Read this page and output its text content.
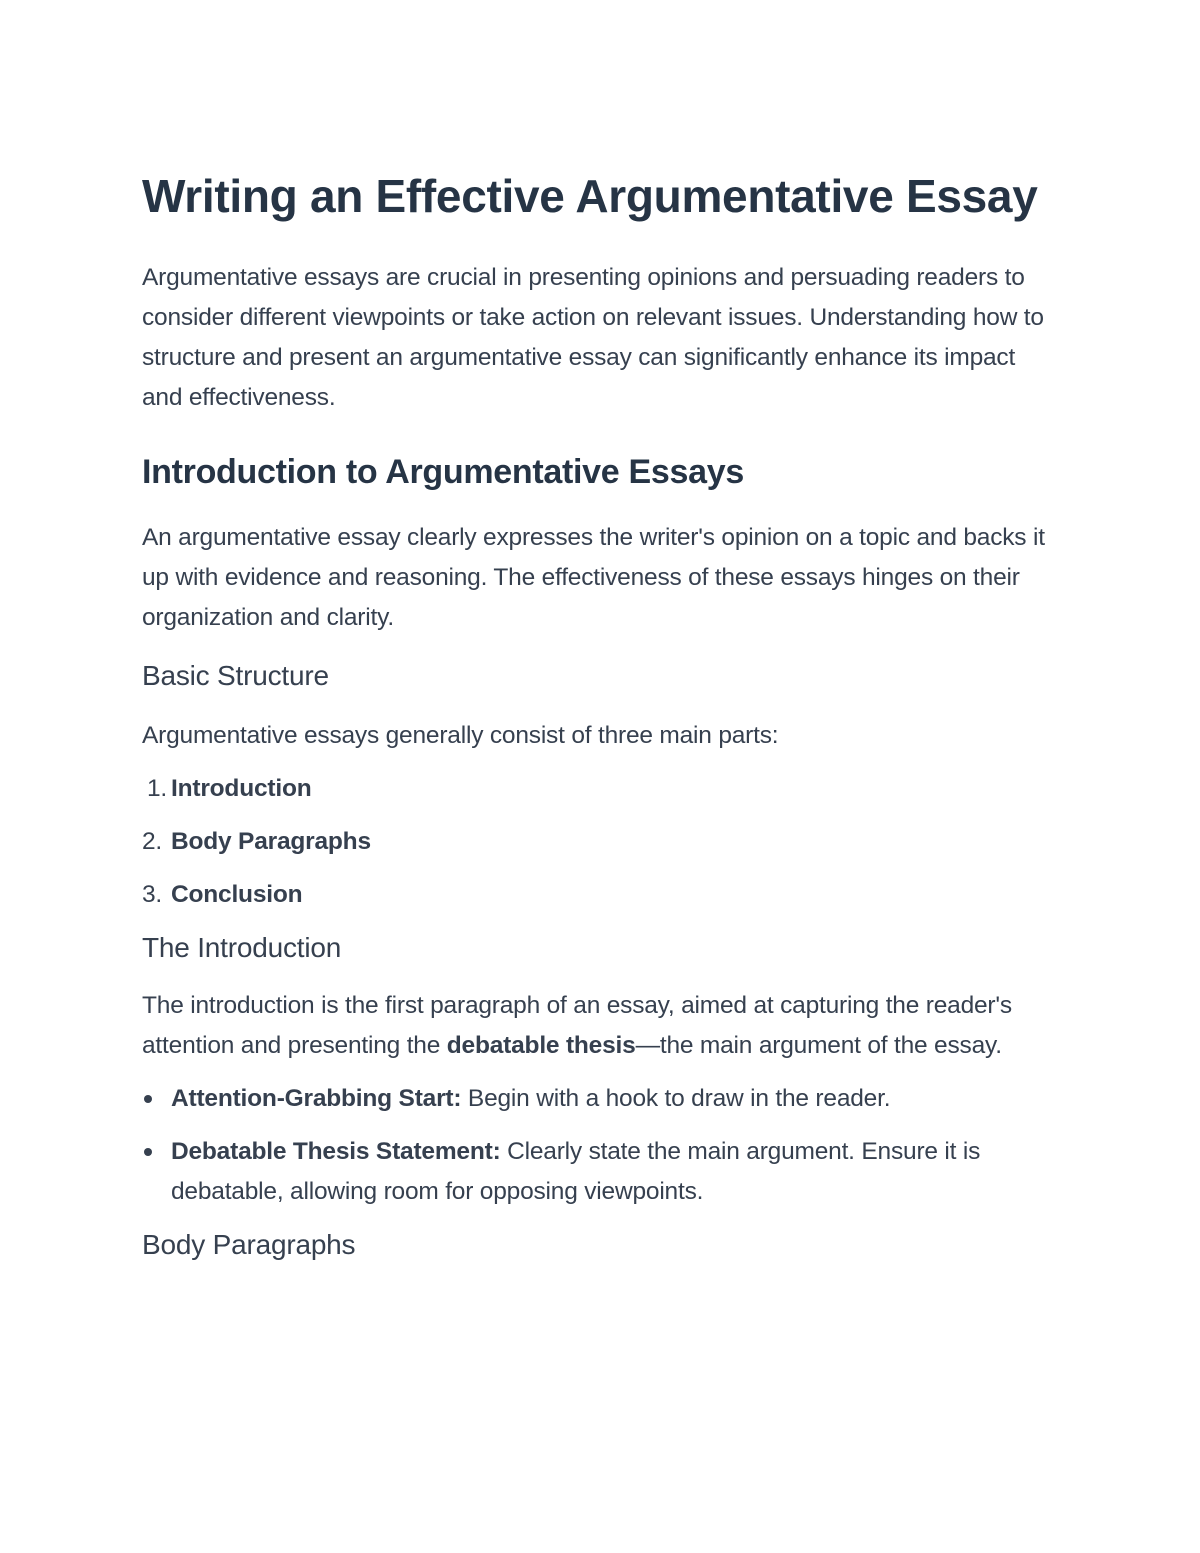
Writing an Effective Argumentative Essay

Argumentative essays are crucial in presenting opinions and persuading readers to consider different viewpoints or take action on relevant issues. Understanding how to structure and present an argumentative essay can significantly enhance its impact and effectiveness.

Introduction to Argumentative Essays

An argumentative essay clearly expresses the writer's opinion on a topic and backs it up with evidence and reasoning. The effectiveness of these essays hinges on their organization and clarity.

Basic Structure

Argumentative essays generally consist of three main parts:

1. Introduction
2. Body Paragraphs
3. Conclusion
The Introduction

The introduction is the first paragraph of an essay, aimed at capturing the reader's attention and presenting the debatable thesis—the main argument of the essay.

Attention-Grabbing Start: Begin with a hook to draw in the reader.
Debatable Thesis Statement: Clearly state the main argument. Ensure it is debatable, allowing room for opposing viewpoints.
Body Paragraphs
